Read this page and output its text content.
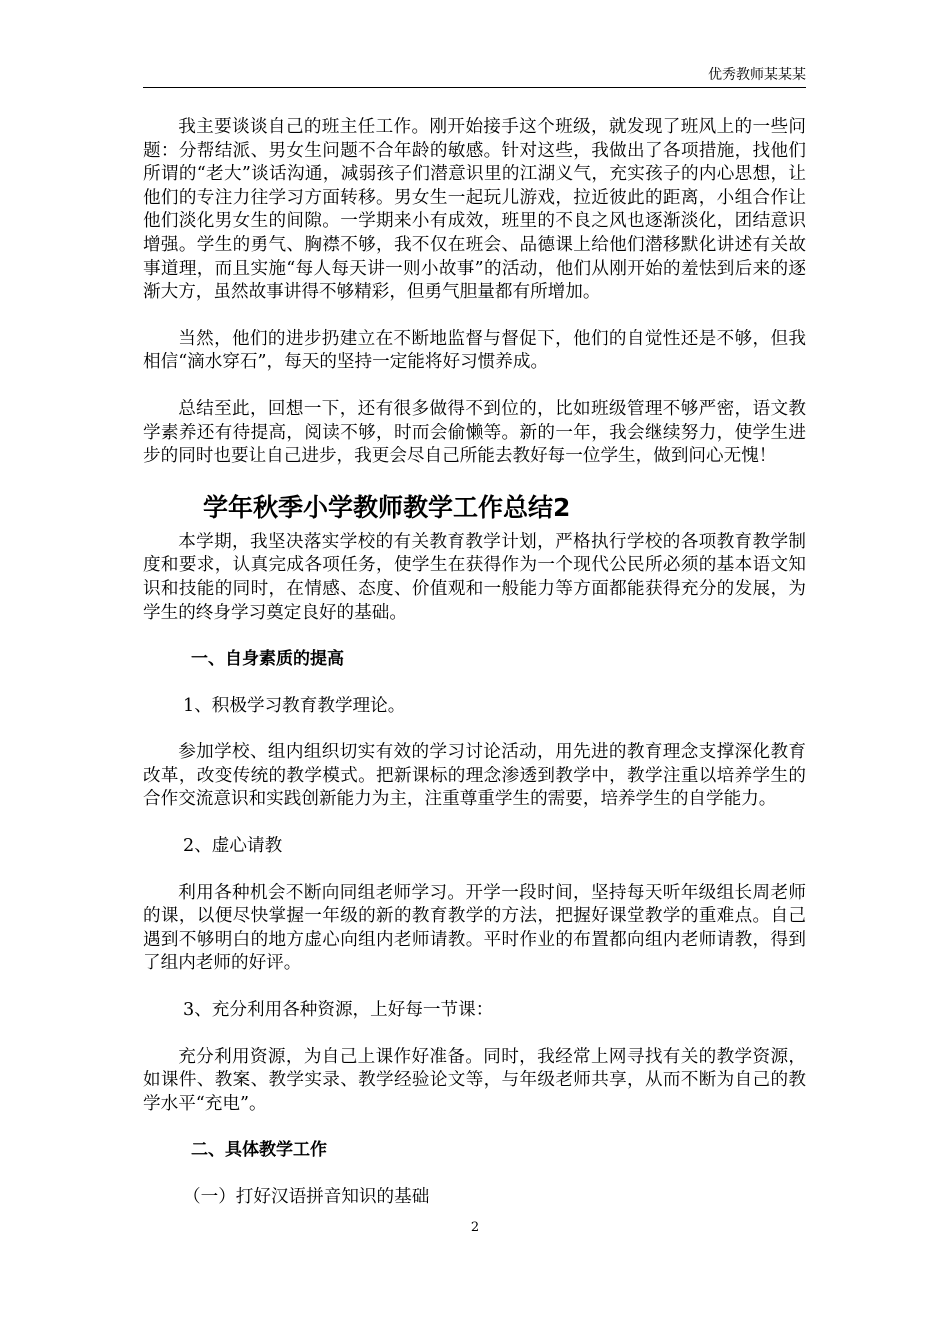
优秀教师某某某

我主要谈谈自己的班主任工作。刚开始接手这个班级，就发现了班风上的一些问题：分帮结派、男女生问题不合年龄的敏感。针对这些，我做出了各项措施，找他们所谓的“老大”谈话沟通，减弱孩子们潜意识里的江湖义气，充实孩子的内心思想，让他们的专注力往学习方面转移。男女生一起玩儿游戏，拉近彼此的距离，小组合作让他们淡化男女生的间隙。一学期来小有成效，班里的不良之风也逐渐淡化，团结意识增强。学生的勇气、胸襟不够，我不仅在班会、品德课上给他们潜移默化讲述有关故事道理，而且实施“每人每天讲一则小故事”的活动，他们从刚开始的羞怯到后来的逐渐大方，虽然故事讲得不够精彩，但勇气胆量都有所增加。

当然，他们的进步扔建立在不断地监督与督促下，他们的自觉性还是不够，但我相信“滴水穿石”，每天的坚持一定能将好习惯养成。

总结至此，回想一下，还有很多做得不到位的，比如班级管理不够严密，语文教学素养还有待提高，阅读不够，时而会偷懒等。新的一年，我会继续努力，使学生进步的同时也要让自己进步，我更会尽自己所能去教好每一位学生，做到问心无愧！

学年秋季小学教师教学工作总结2

本学期，我坚决落实学校的有关教育教学计划，严格执行学校的各项教育教学制度和要求，认真完成各项任务，使学生在获得作为一个现代公民所必须的基本语文知识和技能的同时，在情感、态度、价值观和一般能力等方面都能获得充分的发展，为学生的终身学习奠定良好的基础。

一、自身素质的提高

1、积极学习教育教学理论。

参加学校、组内组织切实有效的学习讨论活动，用先进的教育理念支撑深化教育改革，改变传统的教学模式。把新课标的理念渗透到教学中，教学注重以培养学生的合作交流意识和实践创新能力为主，注重尊重学生的需要，培养学生的自学能力。

2、虚心请教

利用各种机会不断向同组老师学习。开学一段时间，坚持每天听年级组长周老师的课，以便尽快掌握一年级的新的教育教学的方法，把握好课堂教学的重难点。自己遇到不够明白的地方虚心向组内老师请教。平时作业的布置都向组内老师请教，得到了组内老师的好评。

3、充分利用各种资源，上好每一节课：

充分利用资源，为自己上课作好准备。同时，我经常上网寻找有关的教学资源，如课件、教案、教学实录、教学经验论文等，与年级老师共享，从而不断为自己的教学水平“充电”。

二、具体教学工作

（一）打好汉语拼音知识的基础

2
